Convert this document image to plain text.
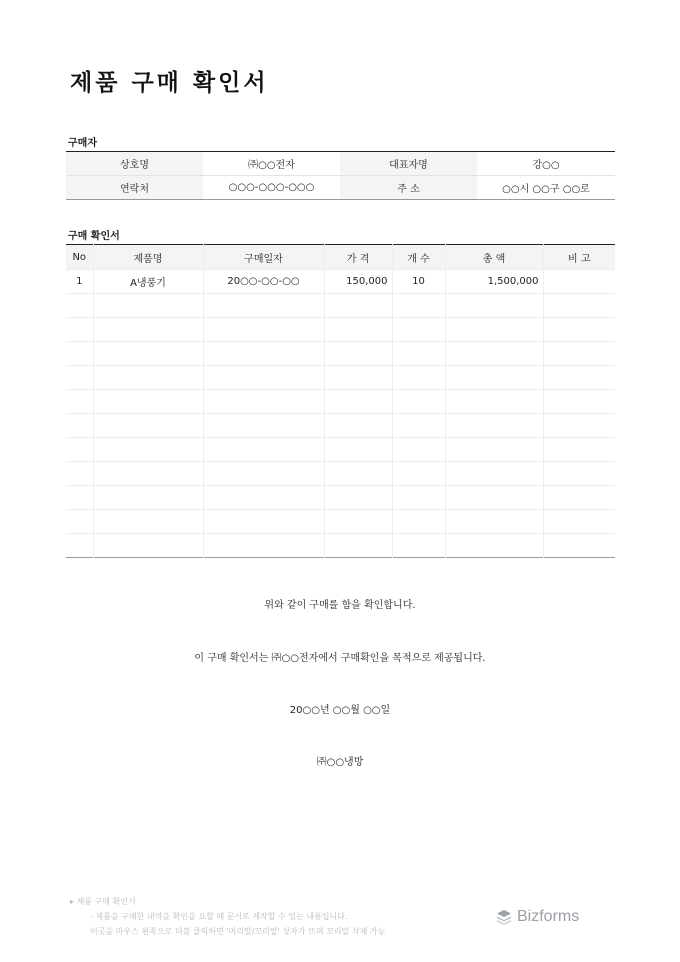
제품 구매 확인서
구매자
상호명	㈜○○전자	대표자명	강○○
연락처	○○○-○○○-○○○	주 소	○○시 ○○구 ○○로
구매 확인서
No	제품명	구매일자	가 격	개 수	총 액	비 고
1	A냉풍기	20○○-○○-○○	150,000	10	1,500,000	

위와 같이 구매를 함을 확인합니다.
이 구매 확인서는 ㈜○○전자에서 구매확인을 목적으로 제공됩니다.
20○○년 ○○월 ○○일
㈜○○냉방
▸ 제품 구매 확인서
- 제품을 구매한 내역을 확인을 요할 때 문서로 제작할 수 있는 내용입니다.
이곳을 마우스 왼쪽으로 더블 클릭하면 '머리말/꼬리말' 상자가 뜨며 꼬리말 삭제 가능
Bizforms
